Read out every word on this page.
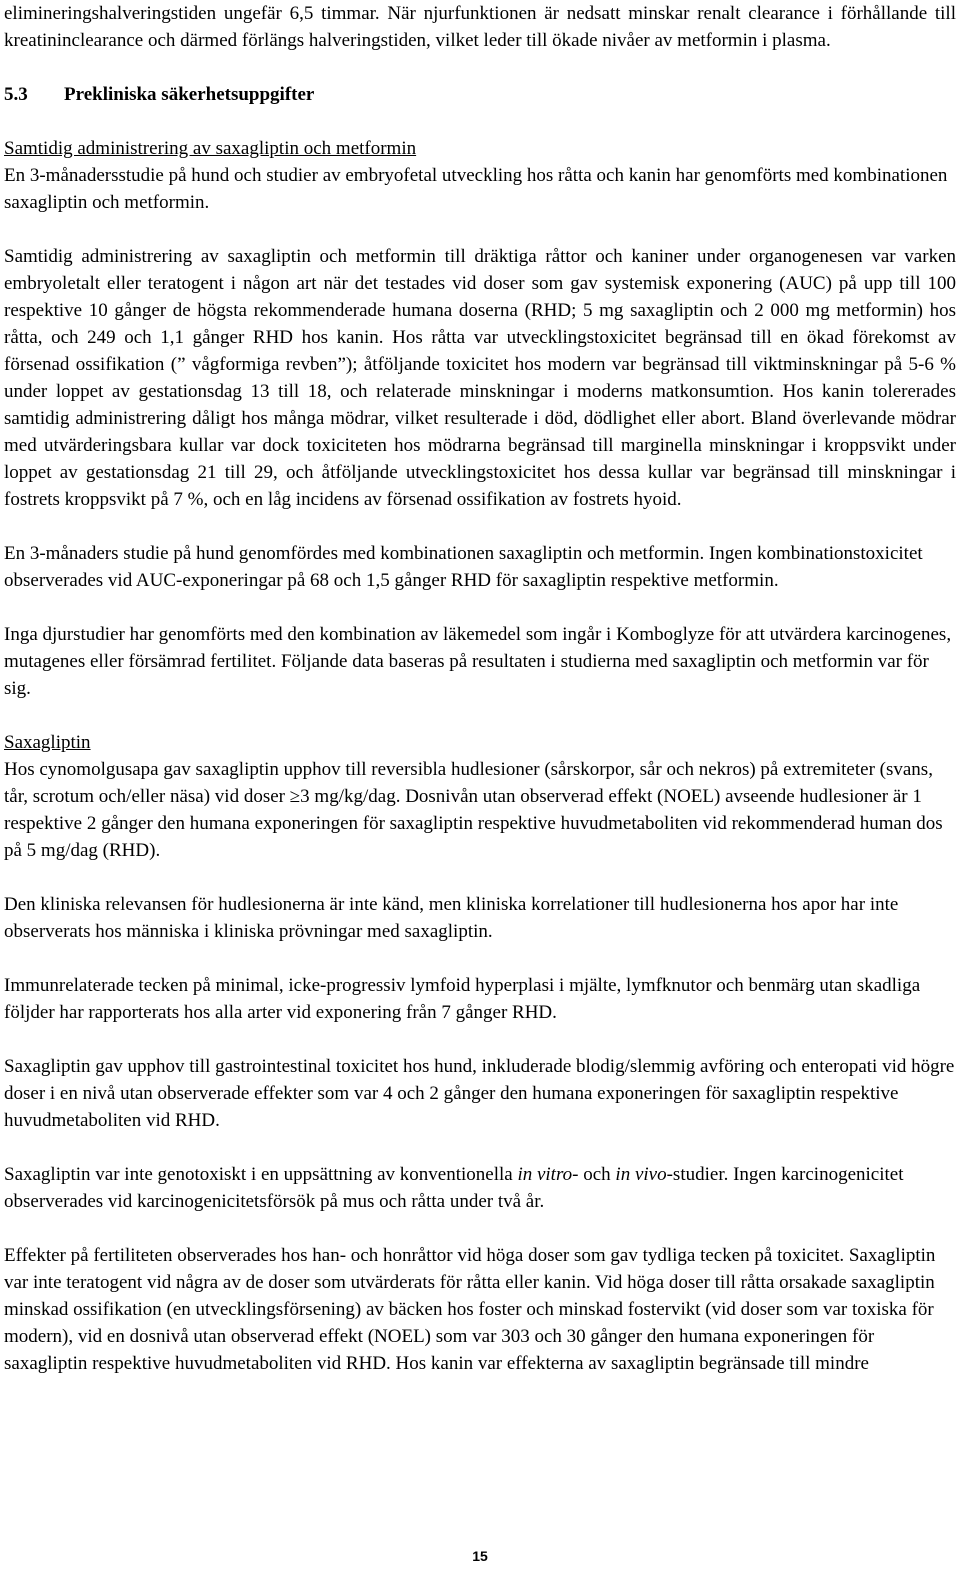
elimineringshalveringstiden ungefär 6,5 timmar. När njurfunktionen är nedsatt minskar renalt clearance i förhållande till kreatininclearance och därmed förlängs halveringstiden, vilket leder till ökade nivåer av metformin i plasma.

5.3 Prekliniska säkerhetsuppgifter

Samtidig administrering av saxagliptin och metformin

En 3-månadersstudie på hund och studier av embryofetal utveckling hos råtta och kanin har genomförts med kombinationen saxagliptin och metformin.

Samtidig administrering av saxagliptin och metformin till dräktiga råttor och kaniner under organogenesen var varken embryoletalt eller teratogent i någon art när det testades vid doser som gav systemisk exponering (AUC) på upp till 100 respektive 10 gånger de högsta rekommenderade humana doserna (RHD; 5 mg saxagliptin och 2 000 mg metformin) hos råtta, och 249 och 1,1 gånger RHD hos kanin. Hos råtta var utvecklingstoxicitet begränsad till en ökad förekomst av försenad ossifikation (” vågformiga revben”); åtföljande toxicitet hos modern var begränsad till viktminskningar på 5-6 % under loppet av gestationsdag 13 till 18, och relaterade minskningar i moderns matkonsumtion. Hos kanin tolererades samtidig administrering dåligt hos många mödrar, vilket resulterade i död, dödlighet eller abort. Bland överlevande mödrar med utvärderingsbara kullar var dock toxiciteten hos mödrarna begränsad till marginella minskningar i kroppsvikt under loppet av gestationsdag 21 till 29, och åtföljande utvecklingstoxicitet hos dessa kullar var begränsad till minskningar i fostrets kroppsvikt på 7 %, och en låg incidens av försenad ossifikation av fostrets hyoid.

En 3-månaders studie på hund genomfördes med kombinationen saxagliptin och metformin. Ingen kombinationstoxicitet observerades vid AUC-exponeringar på 68 och 1,5 gånger RHD för saxagliptin respektive metformin.

Inga djurstudier har genomförts med den kombination av läkemedel som ingår i Komboglyze för att utvärdera karcinogenes, mutagenes eller försämrad fertilitet. Följande data baseras på resultaten i studierna med saxagliptin och metformin var för sig.

Saxagliptin

Hos cynomolgusapa gav saxagliptin upphov till reversibla hudlesioner (sårskorpor, sår och nekros) på extremiteter (svans, tår, scrotum och/eller näsa) vid doser ≥3 mg/kg/dag. Dosnivån utan observerad effekt (NOEL) avseende hudlesioner är 1 respektive 2 gånger den humana exponeringen för saxagliptin respektive huvudmetaboliten vid rekommenderad human dos på 5 mg/dag (RHD).

Den kliniska relevansen för hudlesionerna är inte känd, men kliniska korrelationer till hudlesionerna hos apor har inte observerats hos människa i kliniska prövningar med saxagliptin.

Immunrelaterade tecken på minimal, icke-progressiv lymfoid hyperplasi i mjälte, lymfknutor och benmärg utan skadliga följder har rapporterats hos alla arter vid exponering från 7 gånger RHD.

Saxagliptin gav upphov till gastrointestinal toxicitet hos hund, inkluderade blodig/slemmig avföring och enteropati vid högre doser i en nivå utan observerade effekter som var 4 och 2 gånger den humana exponeringen för saxagliptin respektive huvudmetaboliten vid RHD.

Saxagliptin var inte genotoxiskt i en uppsättning av konventionella in vitro- och in vivo-studier. Ingen karcinogenicitet observerades vid karcinogenicitetsförsök på mus och råtta under två år.

Effekter på fertiliteten observerades hos han- och honråttor vid höga doser som gav tydliga tecken på toxicitet. Saxagliptin var inte teratogent vid några av de doser som utvärderats för råtta eller kanin. Vid höga doser till råtta orsakade saxagliptin minskad ossifikation (en utvecklingsförsening) av bäcken hos foster och minskad fostervikt (vid doser som var toxiska för modern), vid en dosnivå utan observerad effekt (NOEL) som var 303 och 30 gånger den humana exponeringen för saxagliptin respektive huvudmetaboliten vid RHD. Hos kanin var effekterna av saxagliptin begränsade till mindre

15
